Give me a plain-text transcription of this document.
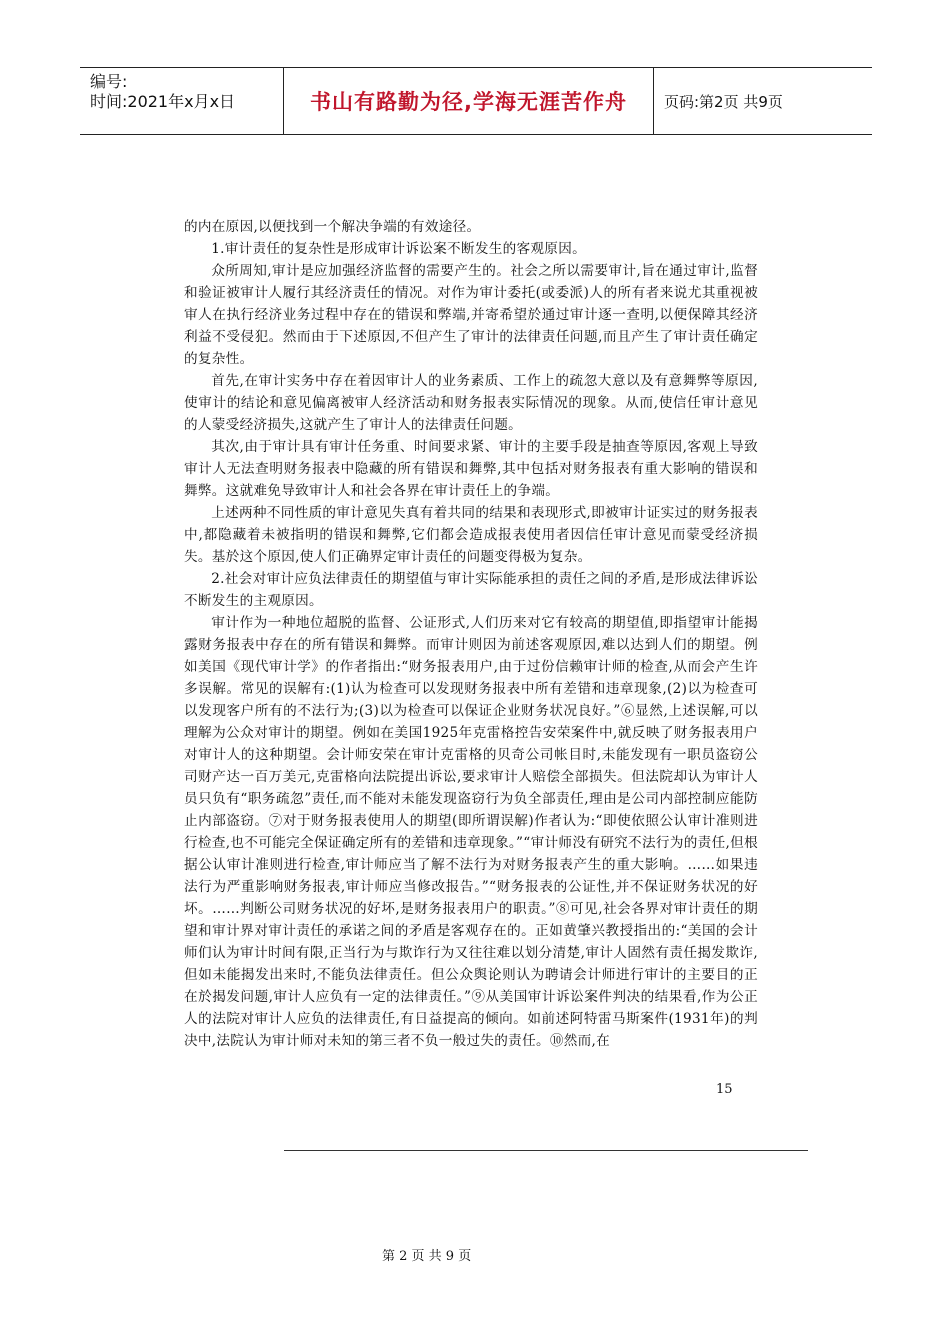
编号:
时间:2021年x月x日	书山有路勤为径,学海无涯苦作舟	页码:第2页 共9页

的内在原因,以便找到一个解决争端的有效途径。

1.审计责任的复杂性是形成审计诉讼案不断发生的客观原因。

众所周知,审计是应加强经济监督的需要产生的。社会之所以需要审计,旨在通过审计,监督和验证被审计人履行其经济责任的情况。对作为审计委托(或委派)人的所有者来说尤其重视被审人在执行经济业务过程中存在的错误和弊端,并寄希望於通过审计逐一查明,以便保障其经济利益不受侵犯。然而由于下述原因,不但产生了审计的法律责任问题,而且产生了审计责任确定的复杂性。

首先,在审计实务中存在着因审计人的业务素质、工作上的疏忽大意以及有意舞弊等原因,使审计的结论和意见偏离被审人经济活动和财务报表实际情况的现象。从而,使信任审计意见的人蒙受经济损失,这就产生了审计人的法律责任问题。

其次,由于审计具有审计任务重、时间要求紧、审计的主要手段是抽查等原因,客观上导致审计人无法查明财务报表中隐藏的所有错误和舞弊,其中包括对财务报表有重大影响的错误和舞弊。这就难免导致审计人和社会各界在审计责任上的争端。

上述两种不同性质的审计意见失真有着共同的结果和表现形式,即被审计证实过的财务报表中,都隐藏着未被指明的错误和舞弊,它们都会造成报表使用者因信任审计意见而蒙受经济损失。基於这个原因,使人们正确界定审计责任的问题变得极为复杂。

2.社会对审计应负法律责任的期望值与审计实际能承担的责任之间的矛盾,是形成法律诉讼不断发生的主观原因。

审计作为一种地位超脱的监督、公证形式,人们历来对它有较高的期望值,即指望审计能揭露财务报表中存在的所有错误和舞弊。而审计则因为前述客观原因,难以达到人们的期望。例如美国《现代审计学》的作者指出:“财务报表用户,由于过份信赖审计师的检查,从而会产生许多误解。常见的误解有:(1)认为检查可以发现财务报表中所有差错和违章现象,(2)以为检查可以发现客户所有的不法行为;(3)以为检查可以保证企业财务状况良好。”⑥显然,上述误解,可以理解为公众对审计的期望。例如在美国1925年克雷格控告安荣案件中,就反映了财务报表用户对审计人的这种期望。会计师安荣在审计克雷格的贝奇公司帐目时,未能发现有一职员盗窃公司财产达一百万美元,克雷格向法院提出诉讼,要求审计人赔偿全部损失。但法院却认为审计人员只负有“职务疏忽”责任,而不能对未能发现盗窃行为负全部责任,理由是公司内部控制应能防止内部盗窃。⑦对于财务报表使用人的期望(即所谓误解)作者认为:“即使依照公认审计准则进行检查,也不可能完全保证确定所有的差错和违章现象。”“审计师没有研究不法行为的责任,但根据公认审计准则进行检查,审计师应当了解不法行为对财务报表产生的重大影响。……如果违法行为严重影响财务报表,审计师应当修改报告。”“财务报表的公证性,并不保证财务状况的好坏。……判断公司财务状况的好坏,是财务报表用户的职责。”⑧可见,社会各界对审计责任的期望和审计界对审计责任的承诺之间的矛盾是客观存在的。正如黄肇兴教授指出的:“美国的会计师们认为审计时间有限,正当行为与欺诈行为又往往难以划分清楚,审计人固然有责任揭发欺诈,但如未能揭发出来时,不能负法律责任。但公众舆论则认为聘请会计师进行审计的主要目的正在於揭发问题,审计人应负有一定的法律责任。”⑨从美国审计诉讼案件判决的结果看,作为公正人的法院对审计人应负的法律责任,有日益提高的倾向。如前述阿特雷马斯案件(1931年)的判决中,法院认为审计师对未知的第三者不负一般过失的责任。⑩然而,在

15
第 2 页 共 9 页
